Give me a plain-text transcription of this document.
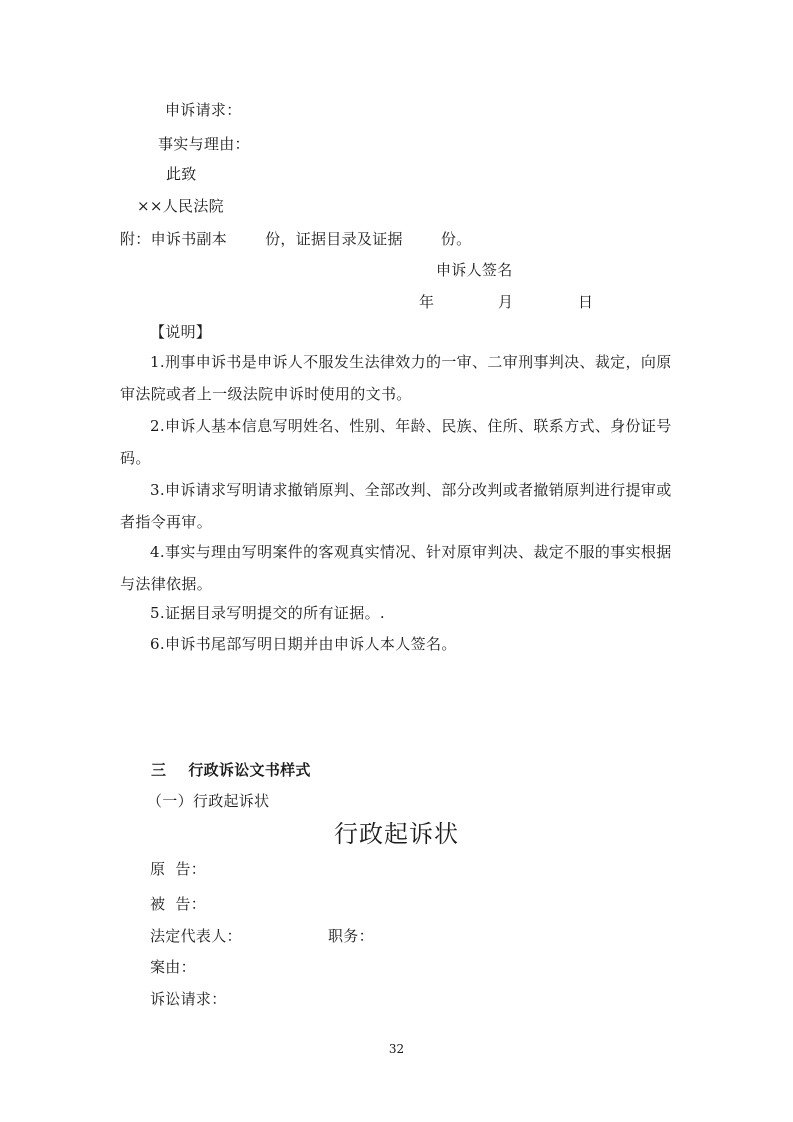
申诉请求：
事实与理由：
此致
××人民法院
附：申诉书副本	份，证据目录及证据	份。
申诉人签名
年	月	日
【说明】
1.刑事申诉书是申诉人不服发生法律效力的一审、二审刑事判决、裁定，向原审法院或者上一级法院申诉时使用的文书。
2.申诉人基本信息写明姓名、性别、年龄、民族、住所、联系方式、身份证号码。
3.申诉请求写明请求撤销原判、全部改判、部分改判或者撤销原判进行提审或者指令再审。
4.事实与理由写明案件的客观真实情况、针对原审判决、裁定不服的事实根据与法律依据。
5.证据目录写明提交的所有证据。.
6.申诉书尾部写明日期并由申诉人本人签名。
三 行政诉讼文书样式
（一）行政起诉状
行政起诉状
原  告：
被  告：
法定代表人：	职务：
案由：
诉讼请求：
32
